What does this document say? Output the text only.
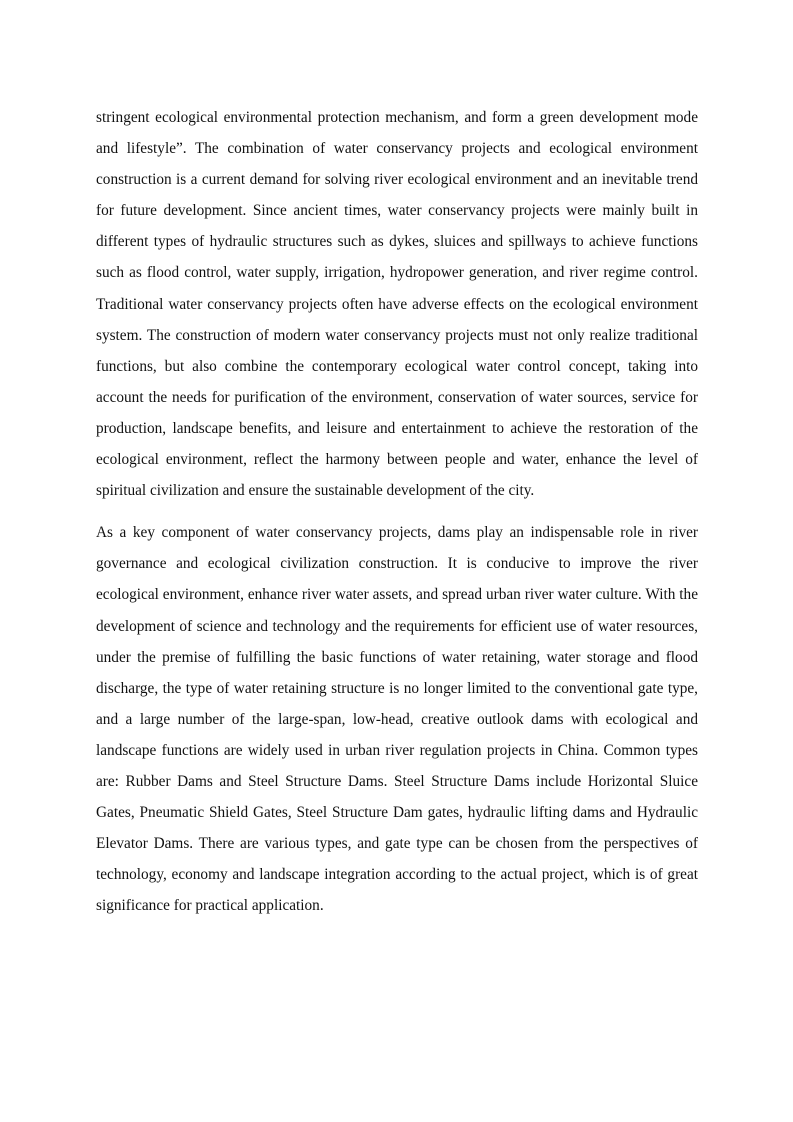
stringent ecological environmental protection mechanism, and form a green development mode and lifestyle”. The combination of water conservancy projects and ecological environment construction is a current demand for solving river ecological environment and an inevitable trend for future development. Since ancient times, water conservancy projects were mainly built in different types of hydraulic structures such as dykes, sluices and spillways to achieve functions such as flood control, water supply, irrigation, hydropower generation, and river regime control. Traditional water conservancy projects often have adverse effects on the ecological environment system. The construction of modern water conservancy projects must not only realize traditional functions, but also combine the contemporary ecological water control concept, taking into account the needs for purification of the environment, conservation of water sources, service for production, landscape benefits, and leisure and entertainment to achieve the restoration of the ecological environment, reflect the harmony between people and water, enhance the level of spiritual civilization and ensure the sustainable development of the city.

As a key component of water conservancy projects, dams play an indispensable role in river governance and ecological civilization construction. It is conducive to improve the river ecological environment, enhance river water assets, and spread urban river water culture. With the development of science and technology and the requirements for efficient use of water resources, under the premise of fulfilling the basic functions of water retaining, water storage and flood discharge, the type of water retaining structure is no longer limited to the conventional gate type, and a large number of the large-span, low-head, creative outlook dams with ecological and landscape functions are widely used in urban river regulation projects in China. Common types are: Rubber Dams and Steel Structure Dams. Steel Structure Dams include Horizontal Sluice Gates, Pneumatic Shield Gates, Steel Structure Dam gates, hydraulic lifting dams and Hydraulic Elevator Dams. There are various types, and gate type can be chosen from the perspectives of technology, economy and landscape integration according to the actual project, which is of great significance for practical application.
